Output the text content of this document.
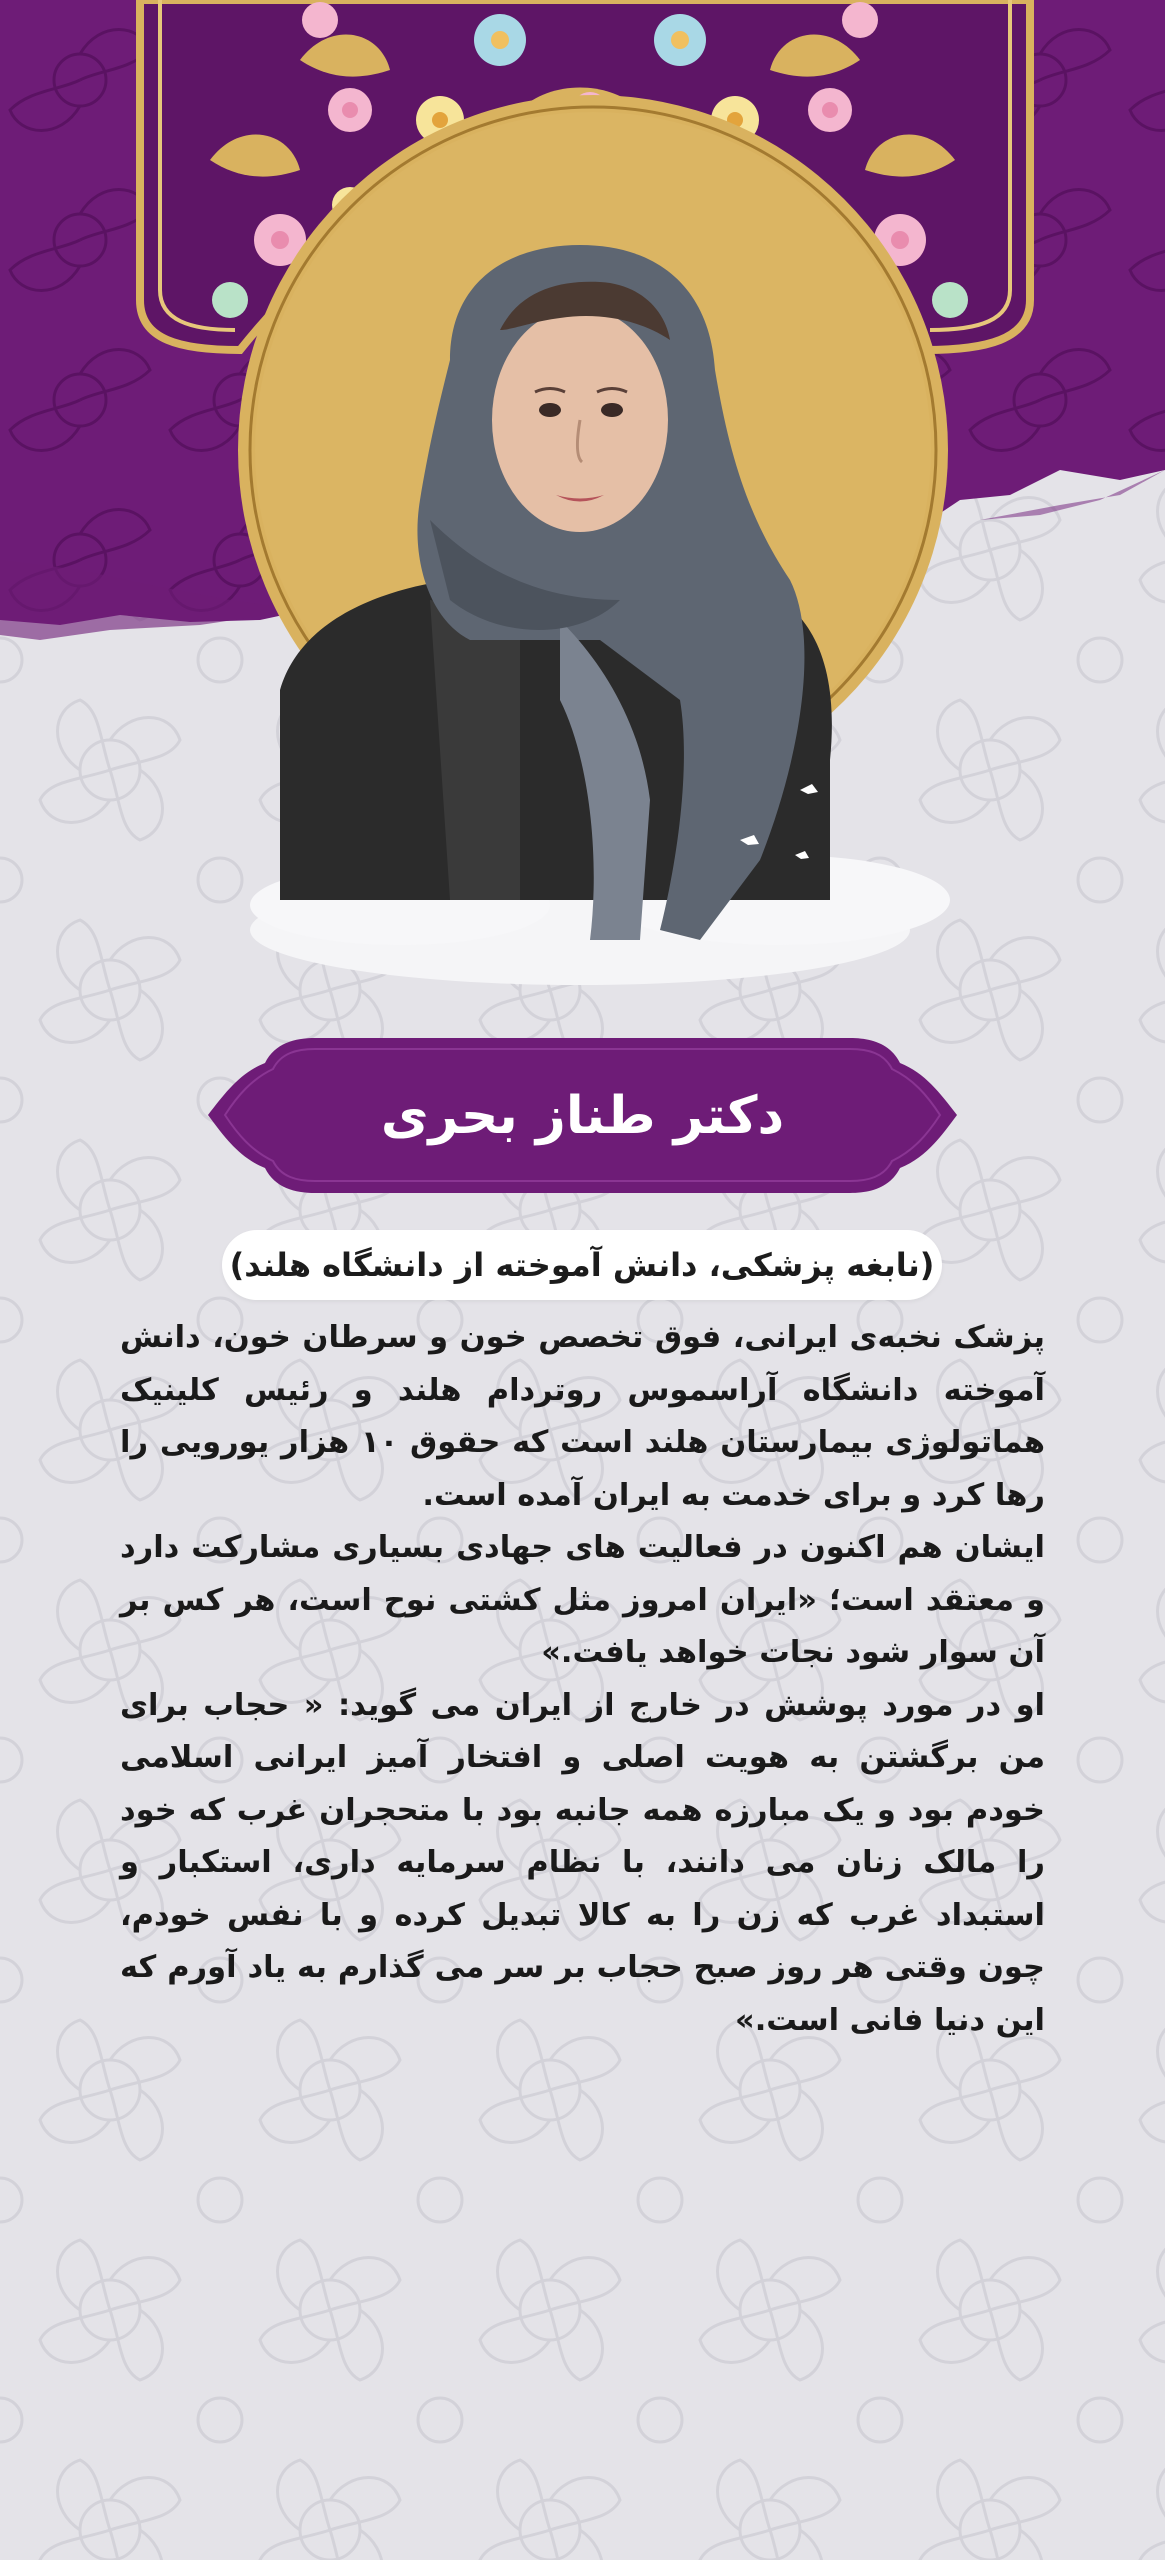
دکتر طناز بحری
(نابغه پزشکی، دانش آموخته از دانشگاه هلند)

پزشک نخبه‌ی ایرانی، فوق تخصص خون و سرطان خون، دانش آموخته دانشگاه آراسموس روتردام هلند و رئیس کلینیک هماتولوژی بیمارستان هلند است که حقوق ۱۰ هزار یورویی را رها کرد و برای خدمت به ایران آمده است.

ایشان هم اکنون در فعالیت های جهادی بسیاری مشارکت دارد و معتقد است؛ «ایران امروز مثل کشتی نوح است، هر کس بر آن سوار شود نجات خواهد یافت.»

او در مورد پوشش در خارج از ایران می گوید: « حجاب برای من برگشتن به هویت اصلی و افتخار آمیز ایرانی اسلامی خودم بود و یک مبارزه همه جانبه بود با متحجران غرب که خود را مالک زنان می دانند، با نظام سرمایه داری، استکبار و استبداد غرب که زن را به کالا تبدیل کرده و با نفس خودم، چون وقتی هر روز صبح حجاب بر سر می گذارم به یاد آورم که این دنیا فانی است.»
